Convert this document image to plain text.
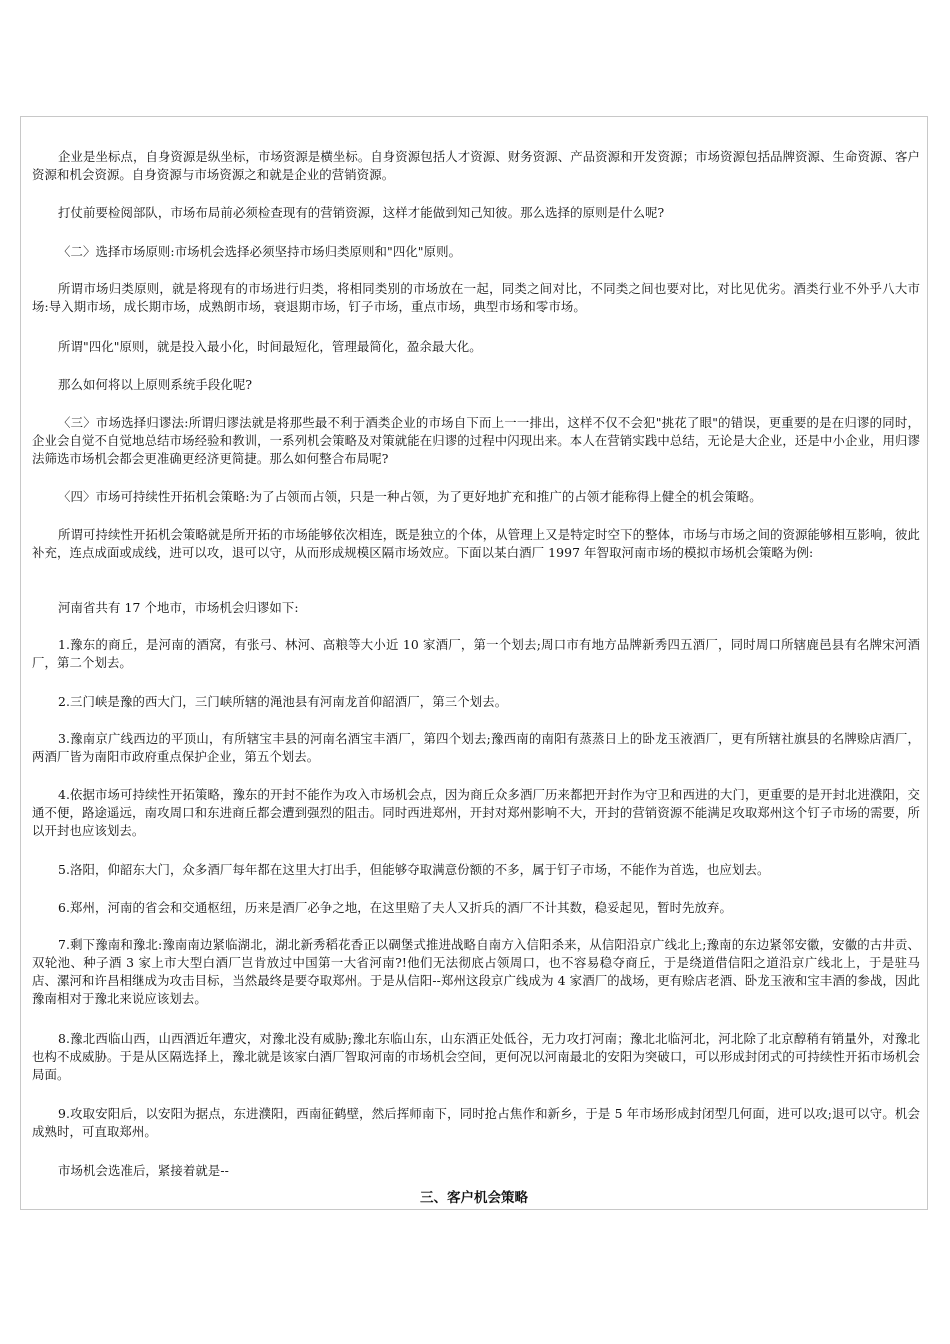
企业是坐标点，自身资源是纵坐标，市场资源是横坐标。自身资源包括人才资源、财务资源、产品资源和开发资源；市场资源包括品牌资源、生命资源、客户资源和机会资源。自身资源与市场资源之和就是企业的营销资源。

打仗前要检阅部队，市场布局前必须检查现有的营销资源，这样才能做到知己知彼。那么选择的原则是什么呢?

〈二〉选择市场原则:市场机会选择必须坚持市场归类原则和"四化"原则。

所谓市场归类原则，就是将现有的市场进行归类，将相同类别的市场放在一起，同类之间对比，不同类之间也要对比，对比见优劣。酒类行业不外乎八大市场:导入期市场，成长期市场，成熟朗市场，衰退期市场，钉子市场，重点市场，典型市场和零市场。

所谓"四化"原则，就是投入最小化，时间最短化，管理最简化，盈余最大化。

那么如何将以上原则系统手段化呢?

〈三〉市场选择归谬法:所谓归谬法就是将那些最不利于酒类企业的市场自下而上一一排出，这样不仅不会犯"挑花了眼"的错误，更重要的是在归谬的同时，企业会自觉不自觉地总结市场经验和教训，一系列机会策略及对策就能在归谬的过程中闪现出来。本人在营销实践中总结，无论是大企业，还是中小企业，用归谬法筛选市场机会都会更准确更经济更简捷。那么如何整合布局呢?

〈四〉市场可持续性开拓机会策略:为了占领而占领，只是一种占领，为了更好地扩充和推广的占领才能称得上健全的机会策略。

所谓可持续性开拓机会策略就是所开拓的市场能够依次相连，既是独立的个体，从管理上又是特定时空下的整体，市场与市场之间的资源能够相互影响，彼此补充，连点成面或成线，进可以攻，退可以守，从而形成规模区隔市场效应。下面以某白酒厂 1997 年智取河南市场的模拟市场机会策略为例:

河南省共有 17 个地市，市场机会归谬如下:

1.豫东的商丘，是河南的酒窝，有张弓、林河、高粮等大小近 10 家酒厂，第一个划去;周口市有地方品牌新秀四五酒厂，同时周口所辖鹿邑县有名牌宋河酒厂，第二个划去。

2.三门峡是豫的西大门，三门峡所辖的渑池县有河南龙首仰韶酒厂，第三个划去。

3.豫南京广线西边的平顶山，有所辖宝丰县的河南名酒宝丰酒厂，第四个划去;豫西南的南阳有蒸蒸日上的卧龙玉液酒厂，更有所辖社旗县的名牌赊店酒厂，两酒厂皆为南阳市政府重点保护企业，第五个划去。

4.依据市场可持续性开拓策略，豫东的开封不能作为攻入市场机会点，因为商丘众多酒厂历来都把开封作为守卫和西进的大门，更重要的是开封北进濮阳，交通不便，路途遥远，南攻周口和东进商丘都会遭到强烈的阻击。同时西进郑州，开封对郑州影响不大，开封的营销资源不能满足攻取郑州这个钉子市场的需要，所以开封也应该划去。

5.洛阳，仰韶东大门，众多酒厂每年都在这里大打出手，但能够夺取满意份额的不多，属于钉子市场，不能作为首选，也应划去。

6.郑州，河南的省会和交通枢纽，历来是酒厂必争之地，在这里赔了夫人又折兵的酒厂不计其数，稳妥起见，暂时先放弃。

7.剩下豫南和豫北:豫南南边紧临湖北，湖北新秀稻花香正以碉堡式推进战略自南方入信阳杀来，从信阳沿京广线北上;豫南的东边紧邻安徽，安徽的古井贡、双轮池、种子酒 3 家上市大型白酒厂岂肯放过中国第一大省河南?!他们无法彻底占领周口，也不容易稳夺商丘，于是绕道借信阳之道沿京广线北上，于是驻马店、漯河和许昌相继成为攻击目标，当然最终是要夺取郑州。于是从信阳--郑州这段京广线成为 4 家酒厂的战场，更有赊店老酒、卧龙玉液和宝丰酒的参战，因此豫南相对于豫北来说应该划去。

8.豫北西临山西，山西酒近年遭灾，对豫北没有威胁;豫北东临山东，山东酒正处低谷，无力攻打河南；豫北北临河北，河北除了北京醇稍有销量外，对豫北也构不成威胁。于是从区隔选择上，豫北就是该家白酒厂智取河南的市场机会空间，更何况以河南最北的安阳为突破口，可以形成封闭式的可持续性开拓市场机会局面。

9.攻取安阳后，以安阳为据点，东进濮阳，西南征鹤壁，然后挥师南下，同时抢占焦作和新乡，于是 5 年市场形成封闭型几何面，进可以攻;退可以守。机会成熟时，可直取郑州。

市场机会选准后，紧接着就是--

三、客户机会策略
